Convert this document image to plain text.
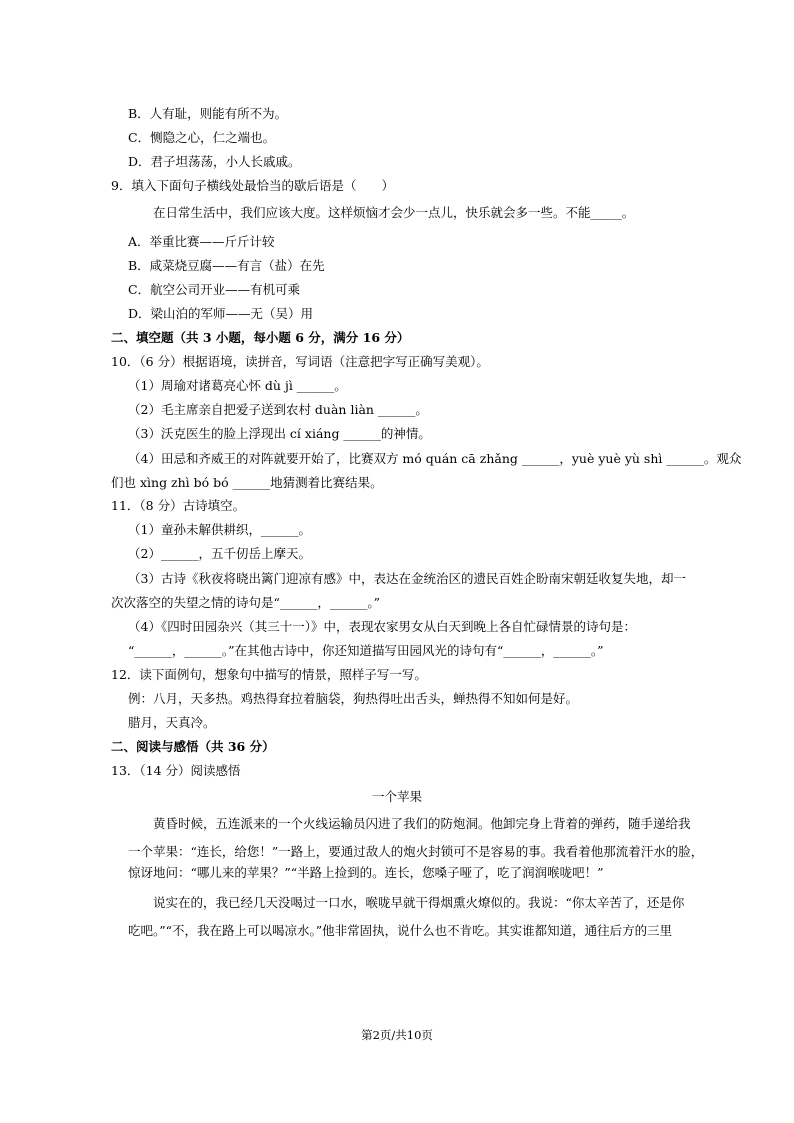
B．人有耻，则能有所不为。
C．恻隐之心，仁之端也。
D．君子坦荡荡，小人长戚戚。
9．填入下面句子横线处最恰当的歇后语是（　　）
在日常生活中，我们应该大度。这样烦恼才会少一点儿，快乐就会多一些。不能_____。
A．举重比赛——斤斤计较
B．咸菜烧豆腐——有言（盐）在先
C．航空公司开业——有机可乘
D．梁山泊的军师——无（吴）用
二、填空题（共 3 小题，每小题 6 分，满分 16 分）
10．（6 分）根据语境，读拼音，写词语（注意把字写正确写美观）。
（1）周瑜对诸葛亮心怀 dù jì ______。
（2）毛主席亲自把爱子送到农村 duàn liàn ______。
（3）沃克医生的脸上浮现出 cí xiáng ______的神情。
（4）田忌和齐威王的对阵就要开始了，比赛双方 mó quán cā zhǎng ______，yuè yuè yù shì ______。观众
们也 xìng zhì bó bó ______地猜测着比赛结果。
11．（8 分）古诗填空。
（1）童孙未解供耕织，______。
（2）______，五千仞岳上摩天。
（3）古诗《秋夜将晓出篱门迎凉有感》中，表达在金统治区的遗民百姓企盼南宋朝廷收复失地，却一
次次落空的失望之情的诗句是“______，______。”
（4）《四时田园杂兴（其三十一）》中，表现农家男女从白天到晚上各自忙碌情景的诗句是：
“______，______。”在其他古诗中，你还知道描写田园风光的诗句有“______，______。”
12．读下面例句，想象句中描写的情景，照样子写一写。
例：八月，天多热。鸡热得耷拉着脑袋，狗热得吐出舌头，蝉热得不知如何是好。
腊月，天真冷。
二、阅读与感悟（共 36 分）
13．（14 分）阅读感悟
一个苹果
黄昏时候，五连派来的一个火线运输员闪进了我们的防炮洞。他卸完身上背着的弹药，随手递给我
一个苹果：“连长，给您！”一路上，要通过敌人的炮火封锁可不是容易的事。我看着他那流着汗水的脸，
惊讶地问：“哪儿来的苹果？”“半路上捡到的。连长，您嗓子哑了，吃了润润喉咙吧！”
说实在的，我已经几天没喝过一口水，喉咙早就干得烟熏火燎似的。我说：“你太辛苦了，还是你
吃吧。”“不，我在路上可以喝凉水。”他非常固执，说什么也不肯吃。其实谁都知道，通往后方的三里
第2页/共10页
